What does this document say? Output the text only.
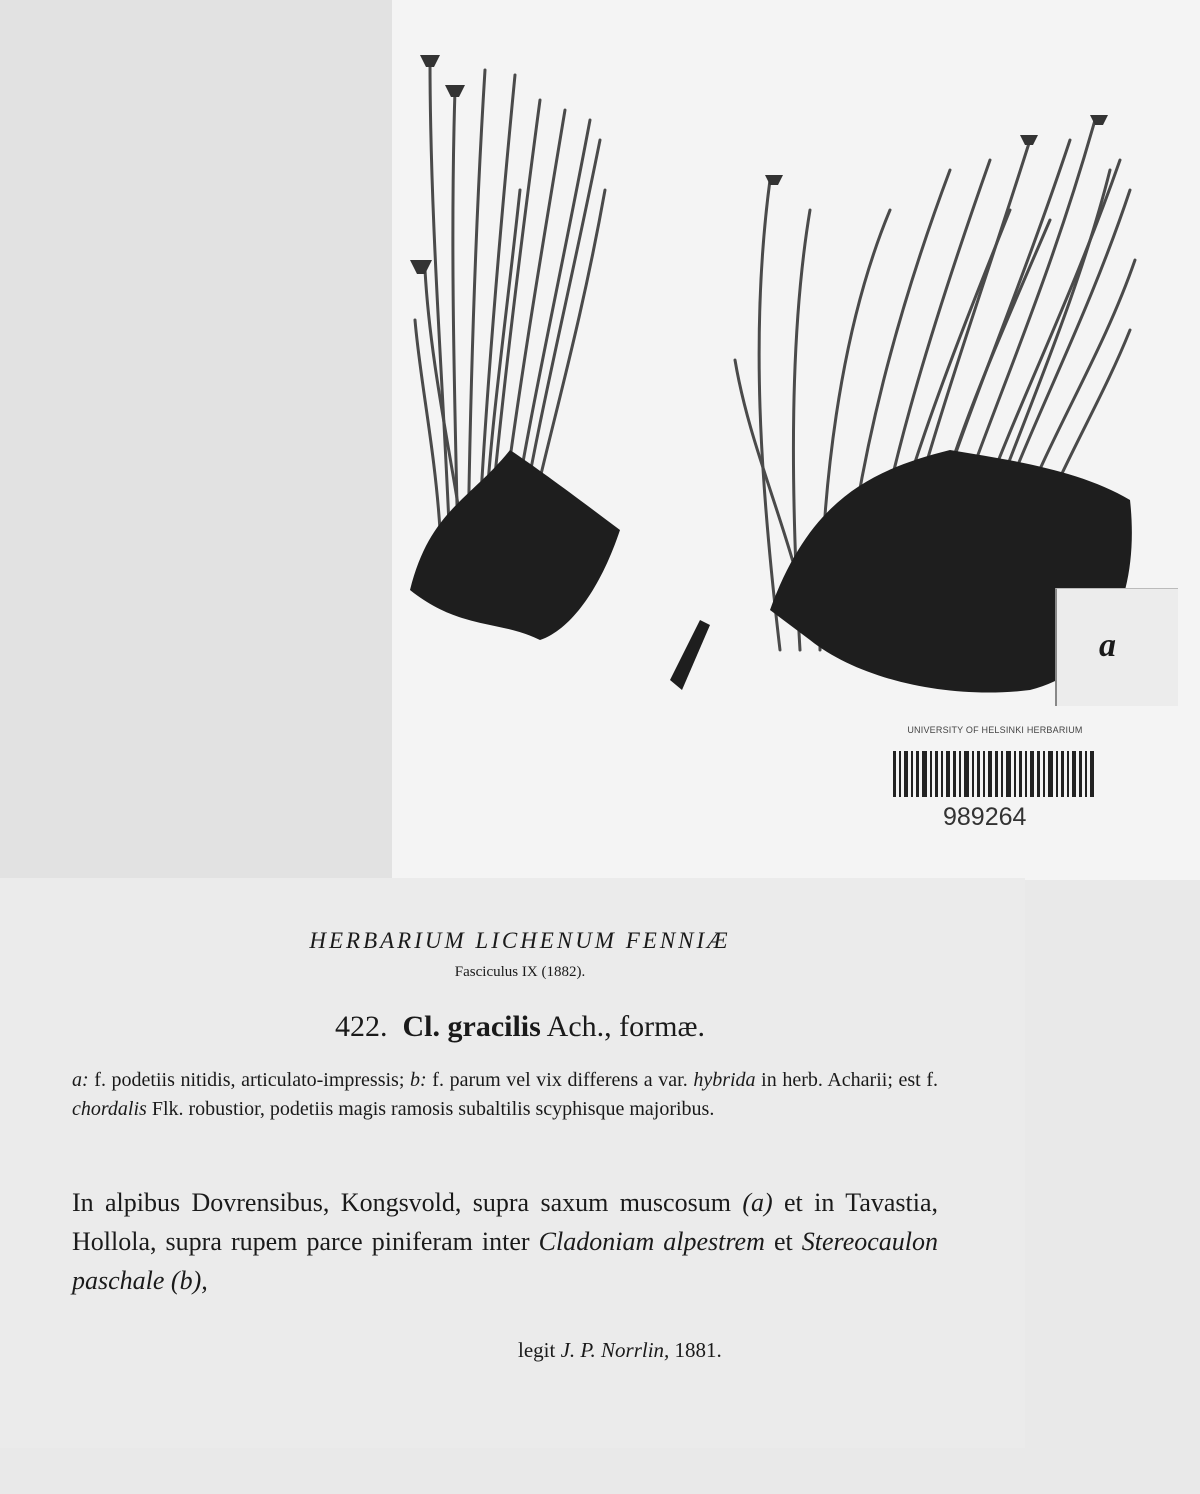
a
UNIVERSITY OF HELSINKI HERBARIUM
989264
HERBARIUM LICHENUM FENNIÆ
Fasciculus IX (1882).
422. Cl. gracilis Ach., formæ.
a: f. podetiis nitidis, articulato-impressis; b: f. parum vel vix differens a var. hybrida in herb. Acharii; est f. chordalis Flk. robustior, podetiis magis ramosis subaltilis scyphisque majoribus.
In alpibus Dovrensibus, Kongsvold, supra saxum muscosum (a) et in Tavastia, Hollola, supra rupem parce piniferam inter Cladoniam alpestrem et Stereocaulon paschale (b),
legit J. P. Norrlin, 1881.
